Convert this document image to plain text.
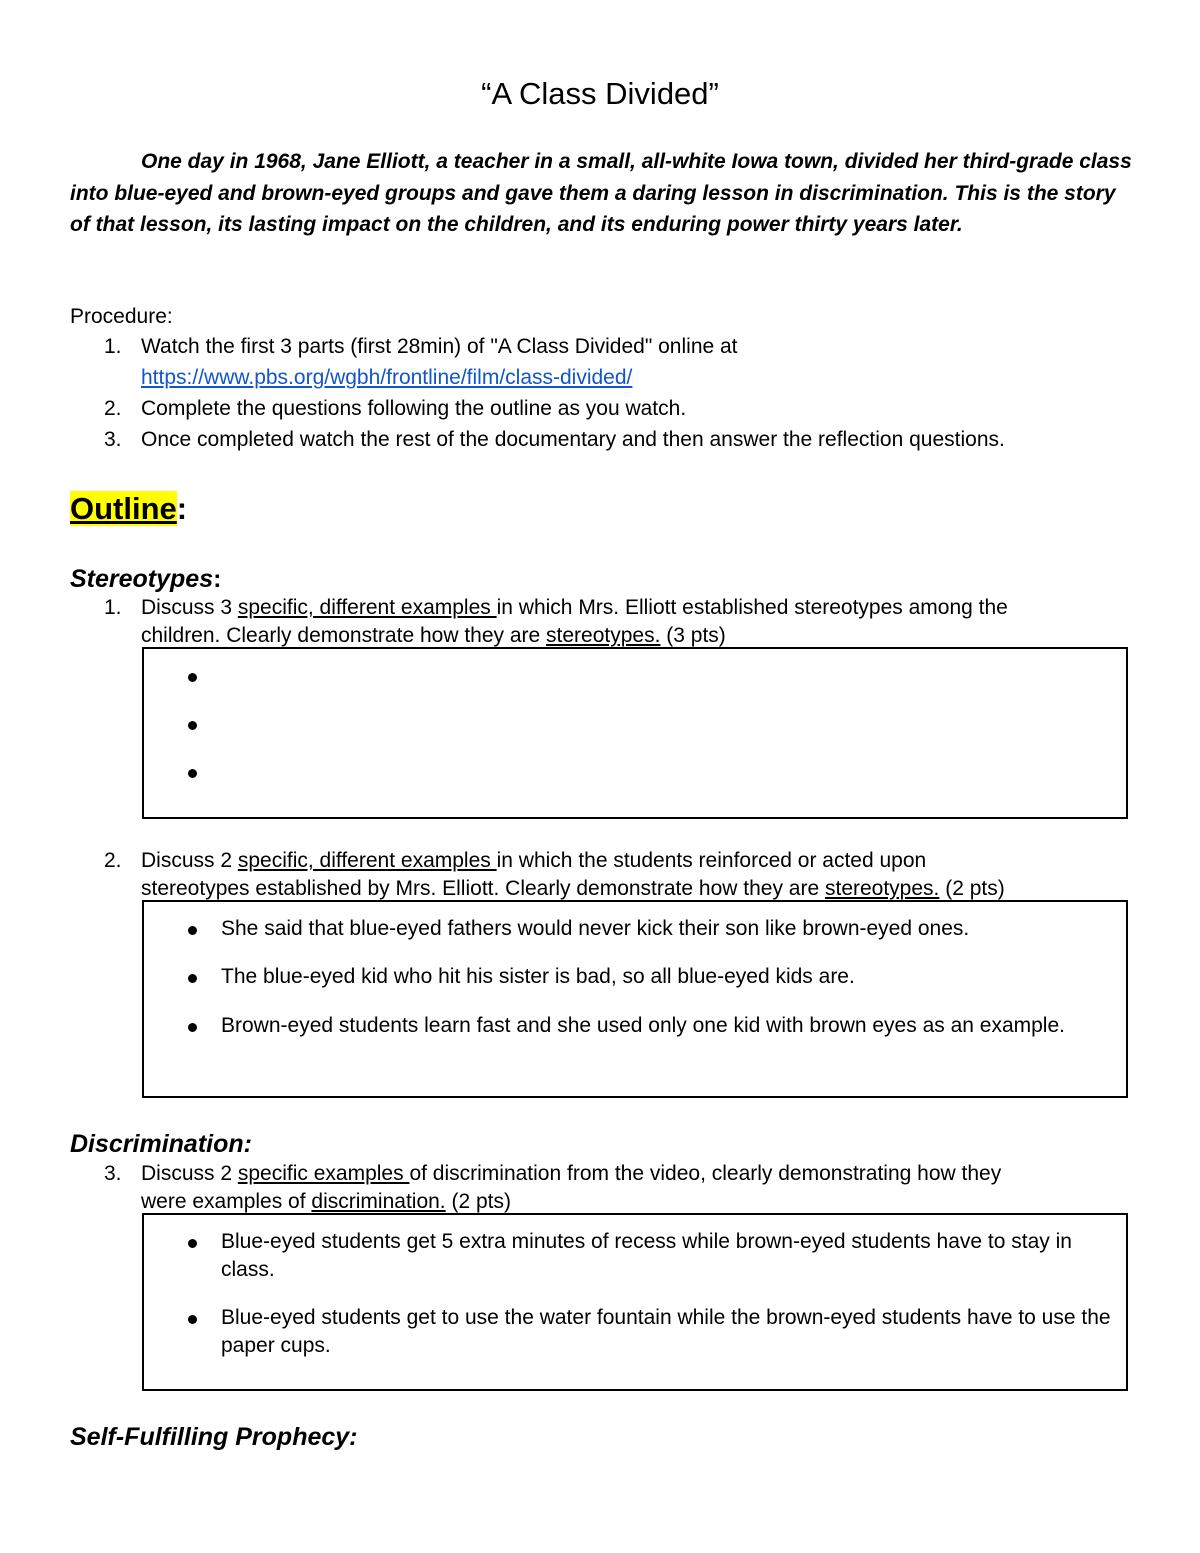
“A Class Divided”
One day in 1968, Jane Elliott, a teacher in a small, all-white Iowa town, divided her third-grade class into blue-eyed and brown-eyed groups and gave them a daring lesson in discrimination. This is the story of that lesson, its lasting impact on the children, and its enduring power thirty years later.
Procedure:
1. Watch the first 3 parts (first 28min) of "A Class Divided" online at
https://www.pbs.org/wgbh/frontline/film/class-divided/
2. Complete the questions following the outline as you watch.
3. Once completed watch the rest of the documentary and then answer the reflection questions.
Outline:
Stereotypes:
1. Discuss 3 specific, different examples in which Mrs. Elliott established stereotypes among the
children. Clearly demonstrate how they are stereotypes. (3 pts)
2. Discuss 2 specific, different examples in which the students reinforced or acted upon
stereotypes established by Mrs. Elliott. Clearly demonstrate how they are stereotypes. (2 pts)
She said that blue-eyed fathers would never kick their son like brown-eyed ones.
The blue-eyed kid who hit his sister is bad, so all blue-eyed kids are.
Brown-eyed students learn fast and she used only one kid with brown eyes as an example.
Discrimination:
3. Discuss 2 specific examples of discrimination from the video, clearly demonstrating how they
were examples of discrimination. (2 pts)
Blue-eyed students get 5 extra minutes of recess while brown-eyed students have to stay in class.
Blue-eyed students get to use the water fountain while the brown-eyed students have to use the paper cups.
Self-Fulfilling Prophecy:
